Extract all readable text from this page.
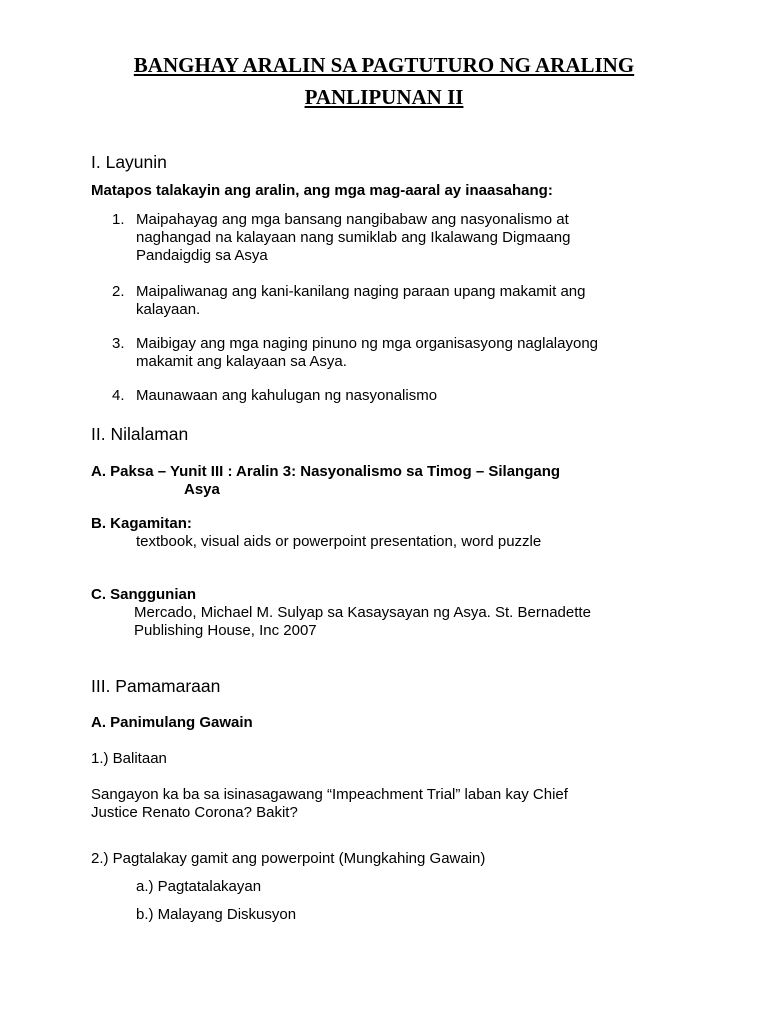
BANGHAY ARALIN SA PAGTUTURO NG ARALING
PANLIPUNAN II
I. Layunin
Matapos talakayin ang aralin, ang mga mag-aaral ay inaasahang:
1. Maipahayag ang mga bansang nangibabaw ang nasyonalismo at
naghangad na kalayaan nang sumiklab ang Ikalawang Digmaang
Pandaigdig sa Asya
2. Maipaliwanag ang kani-kanilang naging paraan upang makamit ang
kalayaan.
3. Maibigay ang mga naging pinuno ng mga organisasyong naglalayong
makamit ang kalayaan sa Asya.
4. Maunawaan ang kahulugan ng nasyonalismo
II. Nilalaman
A. Paksa – Yunit III : Aralin 3: Nasyonalismo sa Timog – Silangang
Asya
B. Kagamitan:
textbook, visual aids or powerpoint presentation, word puzzle
C. Sanggunian
Mercado, Michael M. Sulyap sa Kasaysayan ng Asya. St. Bernadette
Publishing House, Inc 2007
III. Pamamaraan
A. Panimulang Gawain
1.) Balitaan
Sangayon ka ba sa isinasagawang “Impeachment Trial” laban kay Chief
Justice Renato Corona? Bakit?
2.) Pagtalakay gamit ang powerpoint (Mungkahing Gawain)
a.) Pagtatalakayan
b.) Malayang Diskusyon
